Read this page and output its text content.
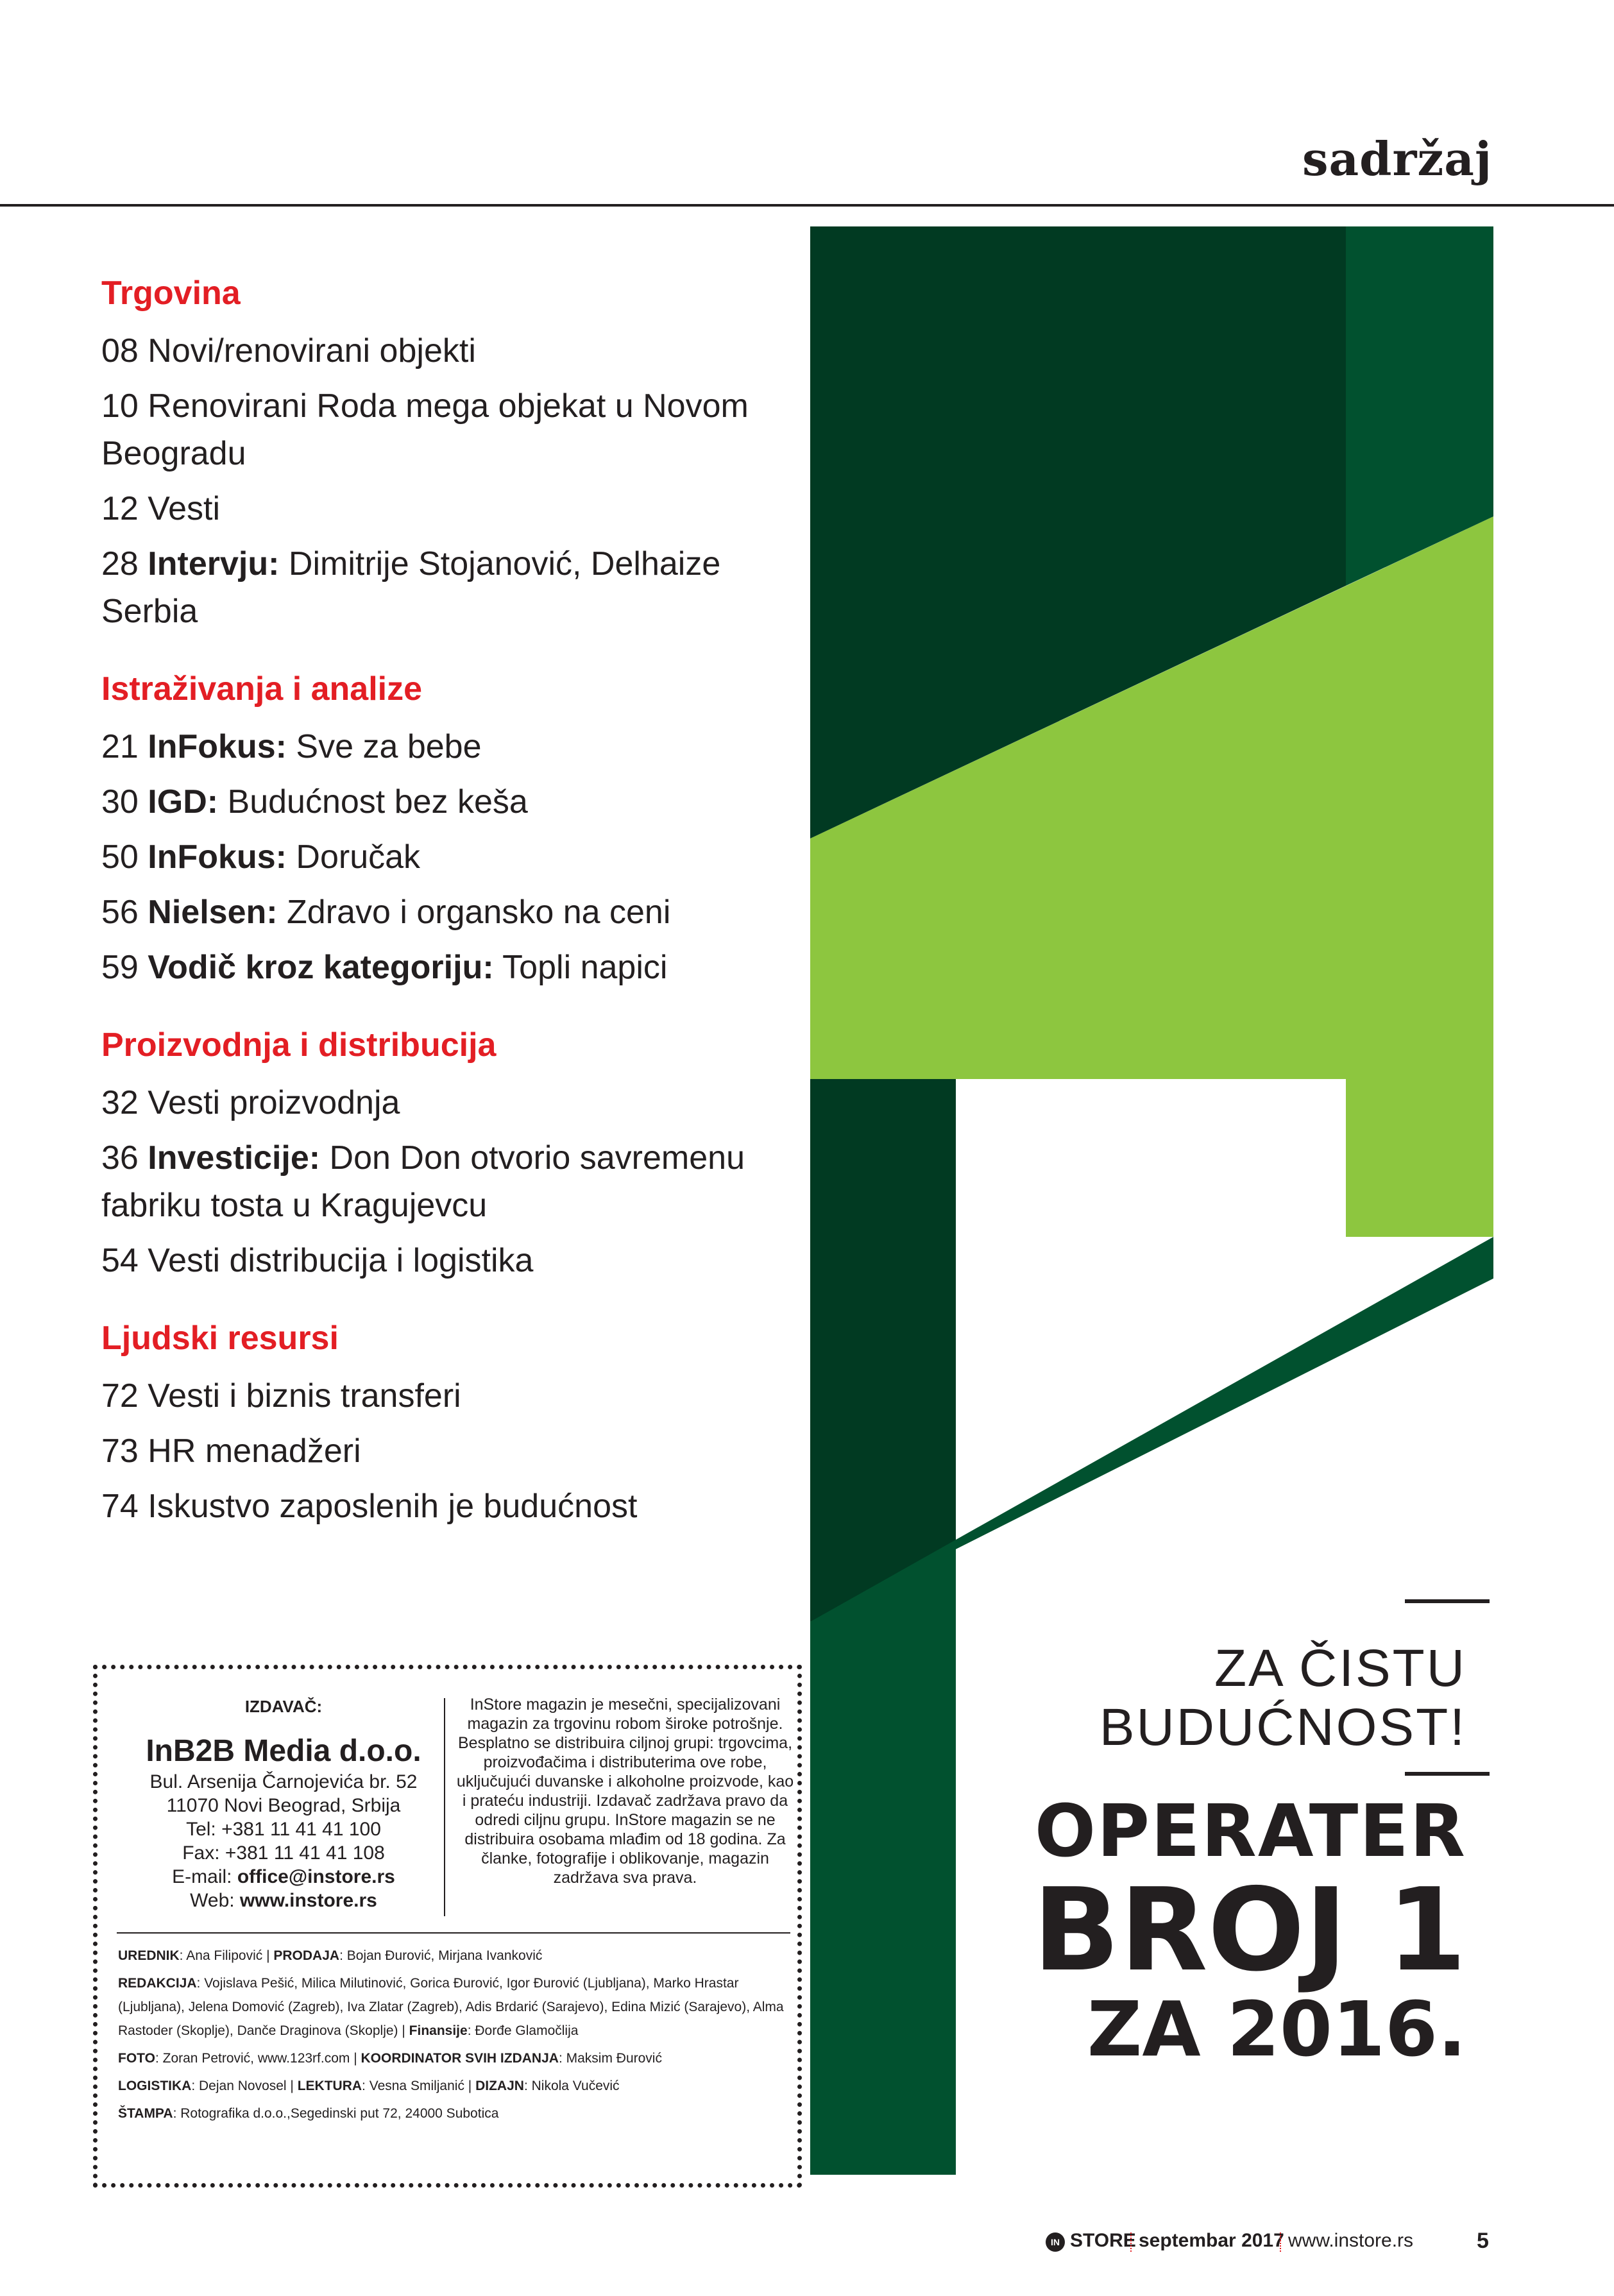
sadržaj
Trgovina
08 Novi/renovirani objekti
10 Renovirani Roda mega objekat u Novom Beogradu
12 Vesti
28 Intervju: Dimitrije Stojanović, Delhaize Serbia
Istraživanja i analize
21 InFokus: Sve za bebe
30 IGD: Budućnost bez keša
50 InFokus: Doručak
56 Nielsen: Zdravo i organsko na ceni
59 Vodič kroz kategoriju: Topli napici
Proizvodnja i distribucija
32 Vesti proizvodnja
36 Investicije: Don Don otvorio savremenu fabriku tosta u Kragujevcu
54 Vesti distribucija i logistika
Ljudski resursi
72 Vesti i biznis transferi
73 HR menadžeri
74 Iskustvo zaposlenih je budućnost
ZA ČISTU
BUDUĆNOST!
OPERATER
BROJ 1
ZA 2016.
IZDAVAČ:
InB2B Media d.o.o.
Bul. Arsenija Čarnojevića br. 52
11070 Novi Beograd, Srbija
Tel: +381 11 41 41 100
Fax: +381 11 41 41 108
E-mail: office@instore.rs
Web: www.instore.rs
InStore magazin je mesečni, specijalizovani magazin za trgovinu robom široke potrošnje. Besplatno se distribuira ciljnoj grupi: trgovcima, proizvođačima i distributerima ove robe, uključujući duvanske i alkoholne proizvode, kao i prateću industriji. Izdavač zadržava pravo da odredi ciljnu grupu. InStore magazin se ne distribuira osobama mlađim od 18 godina. Za članke, fotografije i oblikovanje, magazin zadržava sva prava.

UREDNIK: Ana Filipović | PRODAJA: Bojan Đurović, Mirjana Ivanković

REDAKCIJA: Vojislava Pešić, Milica Milutinović, Gorica Đurović, Igor Đurović (Ljubljana), Marko Hrastar (Ljubljana), Jelena Domović (Zagreb), Iva Zlatar (Zagreb), Adis Brdarić (Sarajevo), Edina Mizić (Sarajevo), Alma Rastoder (Skoplje), Danče Draginova (Skoplje) | Finansije: Đorđe Glamočlija

FOTO: Zoran Petrović, www.123rf.com | KOORDINATOR SVIH IZDANJA: Maksim Đurović

LOGISTIKA: Dejan Novosel | LEKTURA: Vesna Smiljanić | DIZAJN: Nikola Vučević

ŠTAMPA: Rotografika d.o.o.,Segedinski put 72, 24000 Subotica

IN STORE septembar 2017 www.instore.rs	5
